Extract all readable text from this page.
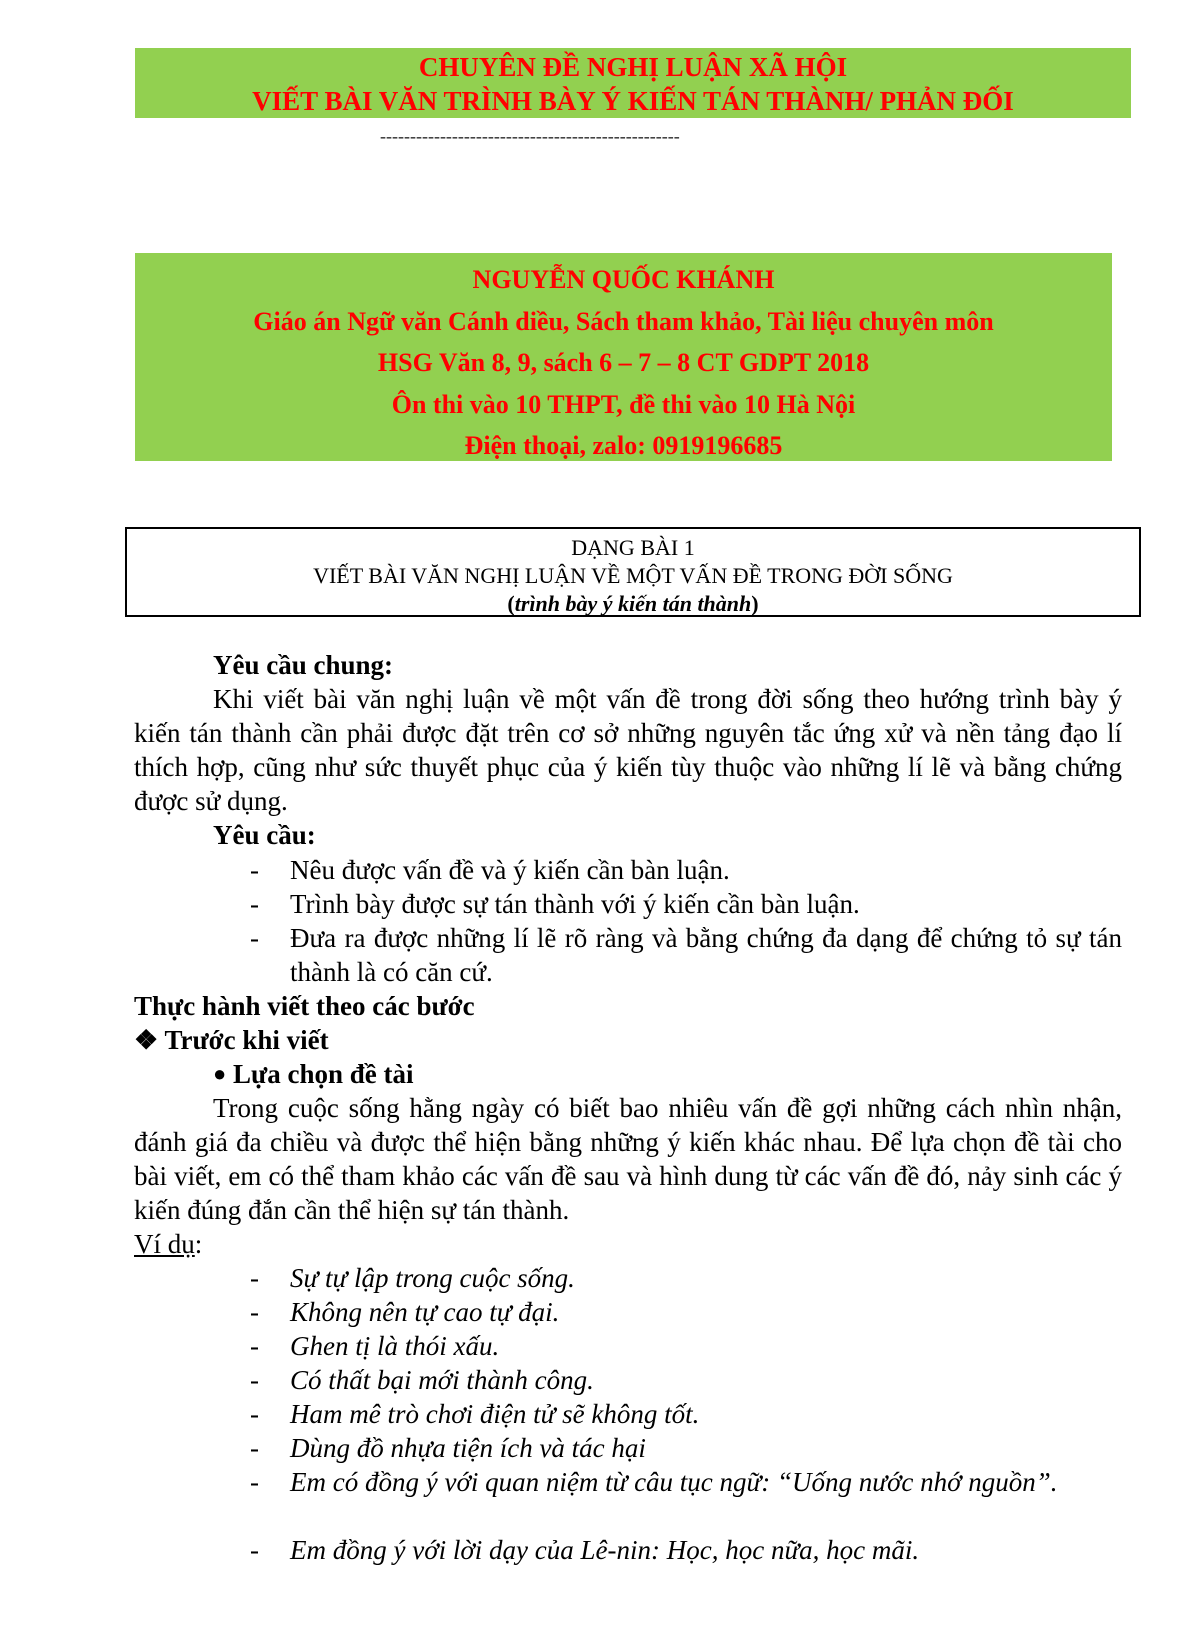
CHUYÊN ĐỀ NGHỊ LUẬN XÃ HỘI
VIẾT BÀI VĂN TRÌNH BÀY Ý KIẾN TÁN THÀNH/ PHẢN ĐỐI
--------------------------------------------------
NGUYỄN QUỐC KHÁNH
Giáo án Ngữ văn Cánh diều, Sách tham khảo, Tài liệu chuyên môn
HSG Văn 8, 9, sách 6 – 7 – 8 CT GDPT 2018
Ôn thi vào 10 THPT, đề thi vào 10 Hà Nội
Điện thoại, zalo: 0919196685
DẠNG BÀI 1
VIẾT BÀI VĂN NGHỊ LUẬN VỀ MỘT VẤN ĐỀ TRONG ĐỜI SỐNG
(trình bày ý kiến tán thành)
Yêu cầu chung:
Khi viết bài văn nghị luận về một vấn đề trong đời sống theo hướng trình bày ý kiến tán thành cần phải được đặt trên cơ sở những nguyên tắc ứng xử và nền tảng đạo lí thích hợp, cũng như sức thuyết phục của ý kiến tùy thuộc vào những lí lẽ và bằng chứng được sử dụng.
Yêu cầu:
- Nêu được vấn đề và ý kiến cần bàn luận.
- Trình bày được sự tán thành với ý kiến cần bàn luận.
- Đưa ra được những lí lẽ rõ ràng và bằng chứng đa dạng để chứng tỏ sự tán thành là có căn cứ.
Thực hành viết theo các bước
❖ Trước khi viết
● Lựa chọn đề tài
Trong cuộc sống hằng ngày có biết bao nhiêu vấn đề gợi những cách nhìn nhận, đánh giá đa chiều và được thể hiện bằng những ý kiến khác nhau. Để lựa chọn đề tài cho bài viết, em có thể tham khảo các vấn đề sau và hình dung từ các vấn đề đó, nảy sinh các ý kiến đúng đắn cần thể hiện sự tán thành.
Ví dụ:
- Sự tự lập trong cuộc sống.
- Không nên tự cao tự đại.
- Ghen tị là thói xấu.
- Có thất bại mới thành công.
- Ham mê trò chơi điện tử sẽ không tốt.
- Dùng đồ nhựa tiện ích và tác hại
- Em có đồng ý với quan niệm từ câu tục ngữ: “Uống nước nhớ nguồn”.
- Em đồng ý với lời dạy của Lê-nin: Học, học nữa, học mãi.
